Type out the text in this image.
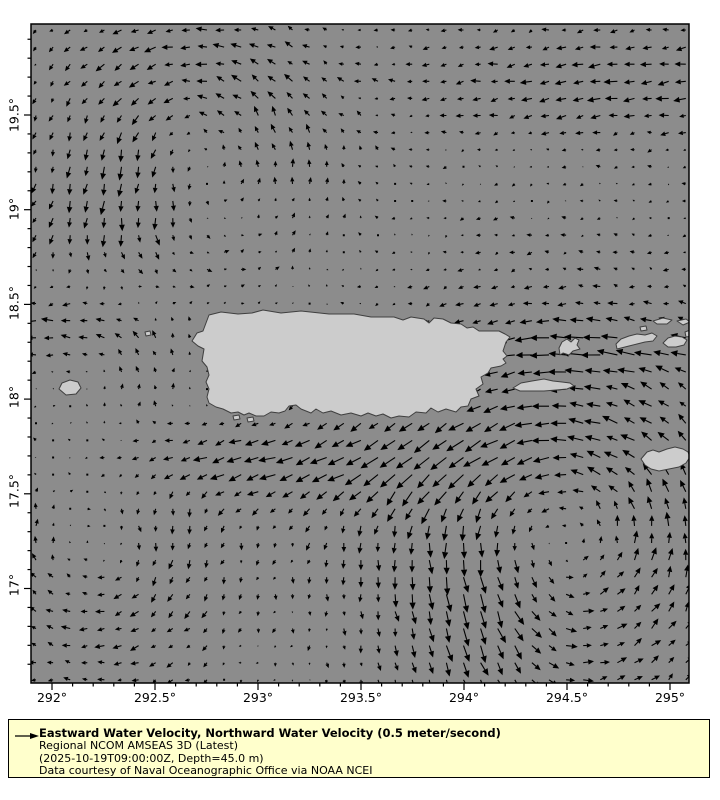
292°	292.5°	293°	293.5°	294°	294.5°	295°
19.5°
19°
18.5°
18°
17.5°
17°
Eastward Water Velocity, Northward Water Velocity (0.5 meter/second)
Regional NCOM AMSEAS 3D (Latest)
(2025-10-19T09:00:00Z, Depth=45.0 m)
Data courtesy of Naval Oceanographic Office via NOAA NCEI
